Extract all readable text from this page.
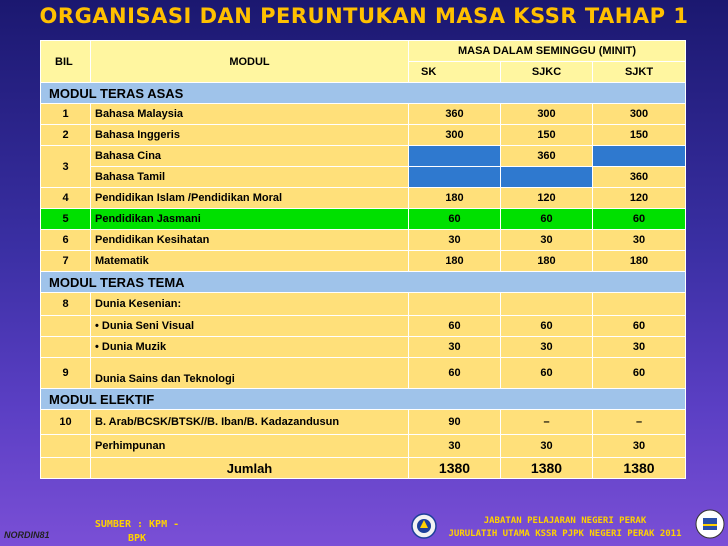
ORGANISASI DAN PERUNTUKAN MASA KSSR TAHAP 1
BIL	MODUL	MASA DALAM SEMINGGU (MINIT)		
		SK	SJKC	SJKT
MODUL TERAS ASAS				
1	Bahasa Malaysia	360	300	300
2	Bahasa Inggeris	300	150	150
3	Bahasa Cina		360	
	Bahasa Tamil			360
4	Pendidikan Islam /Pendidikan Moral	180	120	120
5	Pendidikan Jasmani	60	60	60
6	Pendidikan Kesihatan	30	30	30
7	Matematik	180	180	180
MODUL TERAS TEMA				
8	Dunia Kesenian:			
	• Dunia Seni Visual	60	60	60
	• Dunia Muzik	30	30	30
9	Dunia Sains dan Teknologi	60	60	60
MODUL ELEKTIF				
10	B. Arab/BCSK/BTSK//B. Iban/B. Kadazandusun	90	–	–
	Perhimpunan	30	30	30
	Jumlah	1380	1380	1380
NORDIN81
SUMBER : KPM -
BPK
JABATAN PELAJARAN NEGERI PERAK
JURULATIH UTAMA KSSR PJPK NEGERI PERAK 2011
